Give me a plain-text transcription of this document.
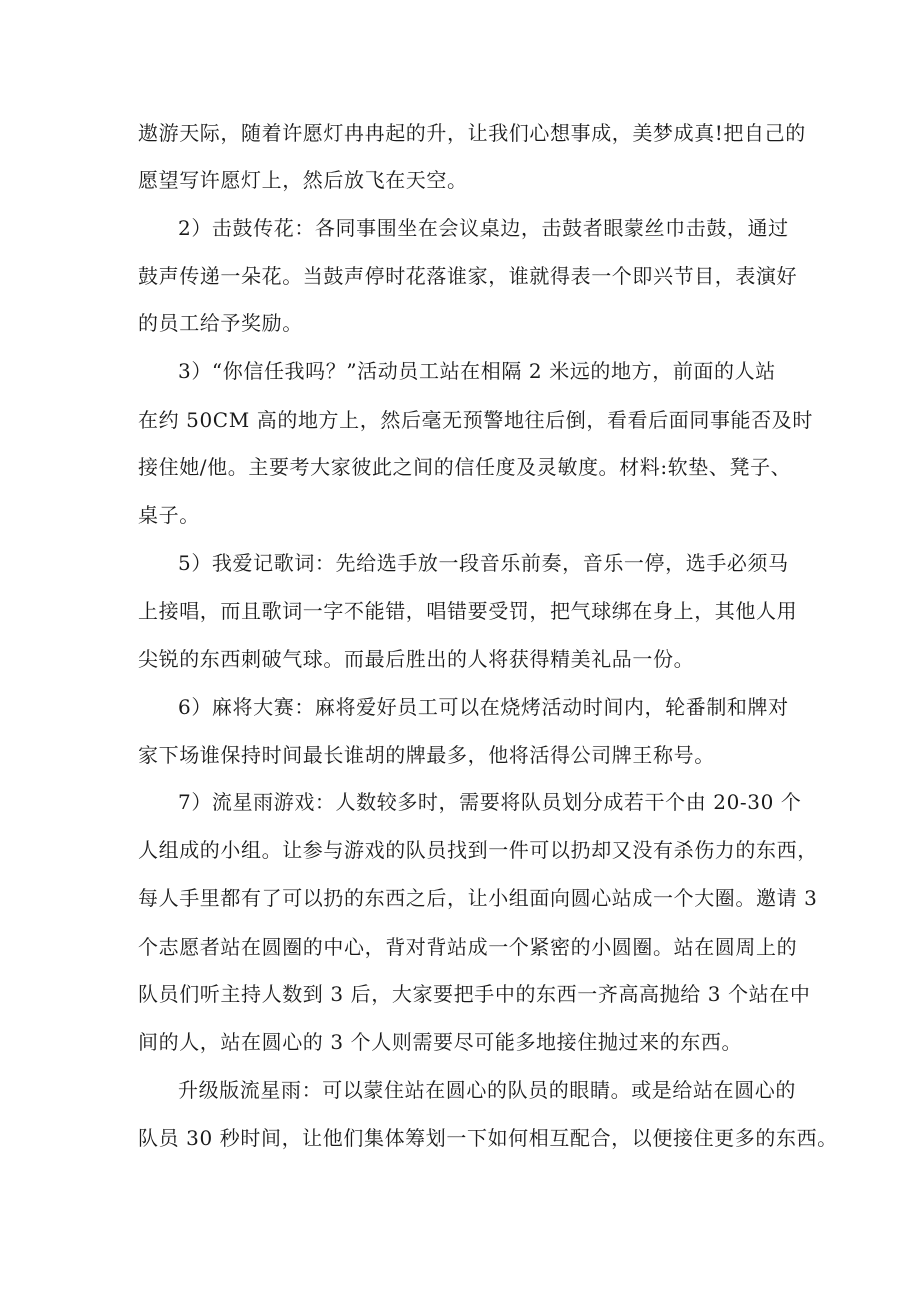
遨游天际，随着许愿灯冉冉起的升，让我们心想事成，美梦成真!把自己的
愿望写许愿灯上，然后放飞在天空。
2）击鼓传花：各同事围坐在会议桌边，击鼓者眼蒙丝巾击鼓，通过
鼓声传递一朵花。当鼓声停时花落谁家，谁就得表一个即兴节目，表演好
的员工给予奖励。
3）“你信任我吗？”活动员工站在相隔 2 米远的地方，前面的人站
在约 50CM 高的地方上，然后毫无预警地往后倒，看看后面同事能否及时
接住她/他。主要考大家彼此之间的信任度及灵敏度。材料:软垫、凳子、
桌子。
5）我爱记歌词：先给选手放一段音乐前奏，音乐一停，选手必须马
上接唱，而且歌词一字不能错，唱错要受罚，把气球绑在身上，其他人用
尖锐的东西刺破气球。而最后胜出的人将获得精美礼品一份。
6）麻将大赛：麻将爱好员工可以在烧烤活动时间内，轮番制和牌对
家下场谁保持时间最长谁胡的牌最多，他将活得公司牌王称号。
7）流星雨游戏：人数较多时，需要将队员划分成若干个由 20-30 个
人组成的小组。让参与游戏的队员找到一件可以扔却又没有杀伤力的东西，
每人手里都有了可以扔的东西之后，让小组面向圆心站成一个大圈。邀请 3
个志愿者站在圆圈的中心，背对背站成一个紧密的小圆圈。站在圆周上的
队员们听主持人数到 3 后，大家要把手中的东西一齐高高抛给 3 个站在中
间的人，站在圆心的 3 个人则需要尽可能多地接住抛过来的东西。
升级版流星雨：可以蒙住站在圆心的队员的眼睛。或是给站在圆心的
队员 30 秒时间，让他们集体筹划一下如何相互配合，以便接住更多的东西。
